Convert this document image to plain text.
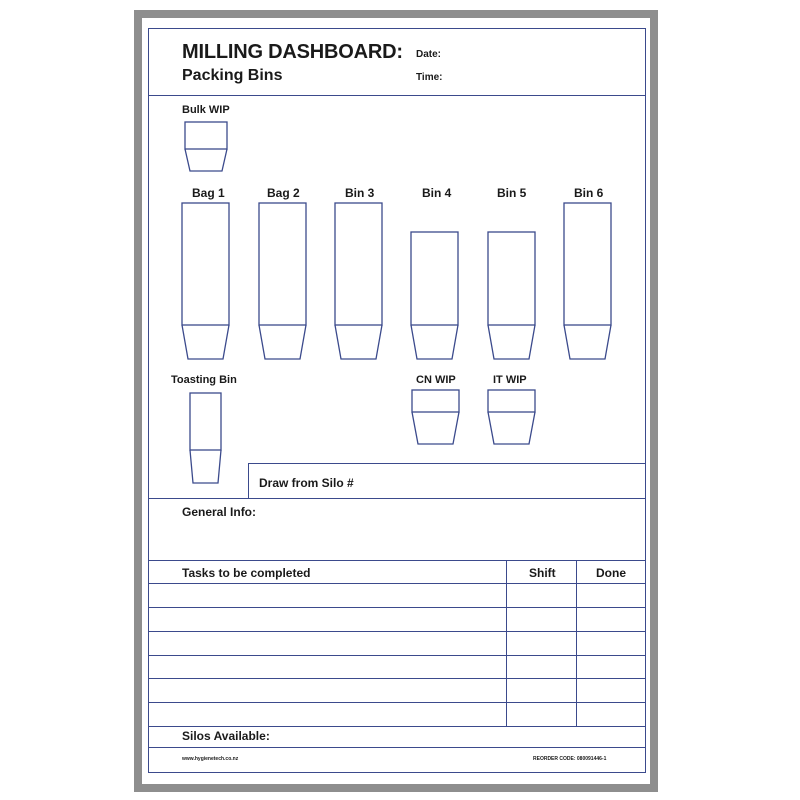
MILLING DASHBOARD:
Packing Bins
Date:
Time:
Bulk WIP
Bag 1	Bag 2	Bin 3	Bin 4	Bin 5	Bin 6
Toasting Bin	CN WIP	IT WIP
Draw from Silo #
General Info:
Tasks to be completed	Shift	Done
Silos Available:
www.hygienetech.co.nz	REORDER CODE: 080091446-1
